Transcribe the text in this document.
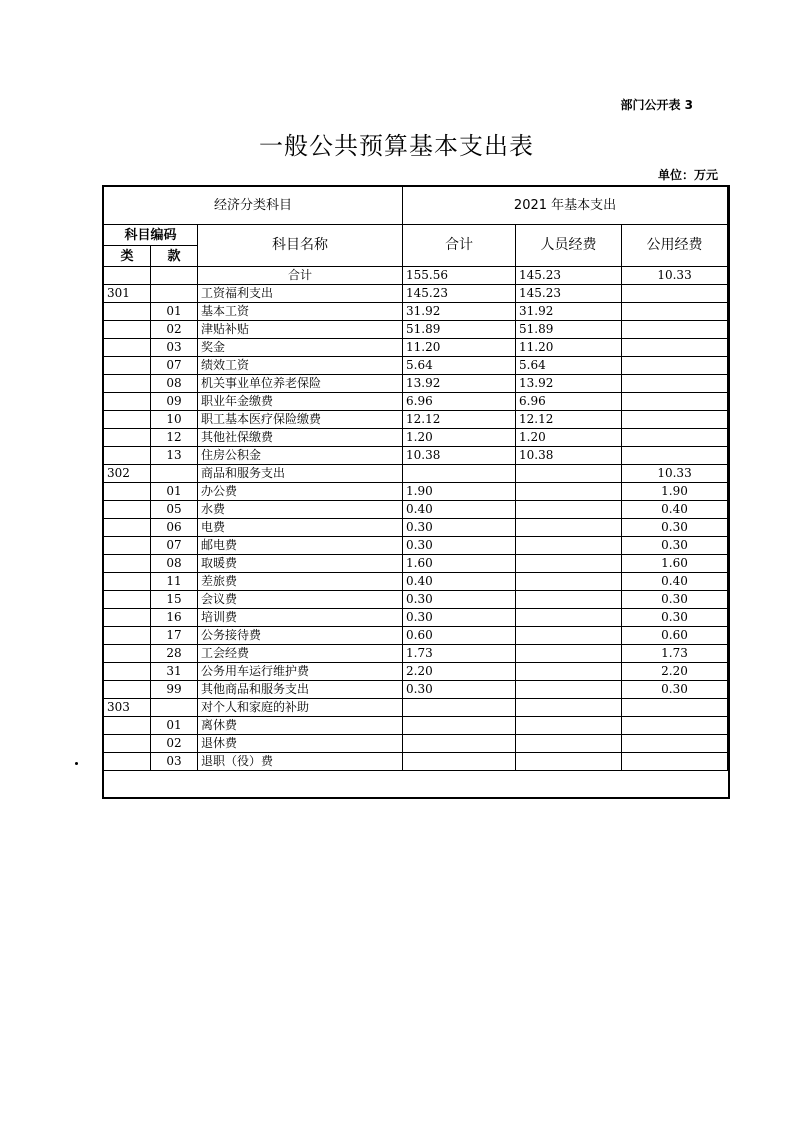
部门公开表 3
一般公共预算基本支出表
单位：万元
经济分类科目			2021 年基本支出		
科目编码		科目名称	合计	人员经费	公用经费
类	款				
		合计	155.56	145.23	10.33
301		工资福利支出	145.23	145.23	
	01	基本工资	31.92	31.92	
	02	津贴补贴	51.89	51.89	
	03	奖金	11.20	11.20	
	07	绩效工资	5.64	5.64	
	08	机关事业单位养老保险	13.92	13.92	
	09	职业年金缴费	6.96	6.96	
	10	职工基本医疗保险缴费	12.12	12.12	
	12	其他社保缴费	1.20	1.20	
	13	住房公积金	10.38	10.38	
302		商品和服务支出			10.33
	01	办公费	1.90		1.90
	05	水费	0.40		0.40
	06	电费	0.30		0.30
	07	邮电费	0.30		0.30
	08	取暖费	1.60		1.60
	11	差旅费	0.40		0.40
	15	会议费	0.30		0.30
	16	培训费	0.30		0.30
	17	公务接待费	0.60		0.60
	28	工会经费	1.73		1.73
	31	公务用车运行维护费	2.20		2.20
	99	其他商品和服务支出	0.30		0.30
303		对个人和家庭的补助			
	01	离休费			
	02	退休费			
	03	退职（役）费			
